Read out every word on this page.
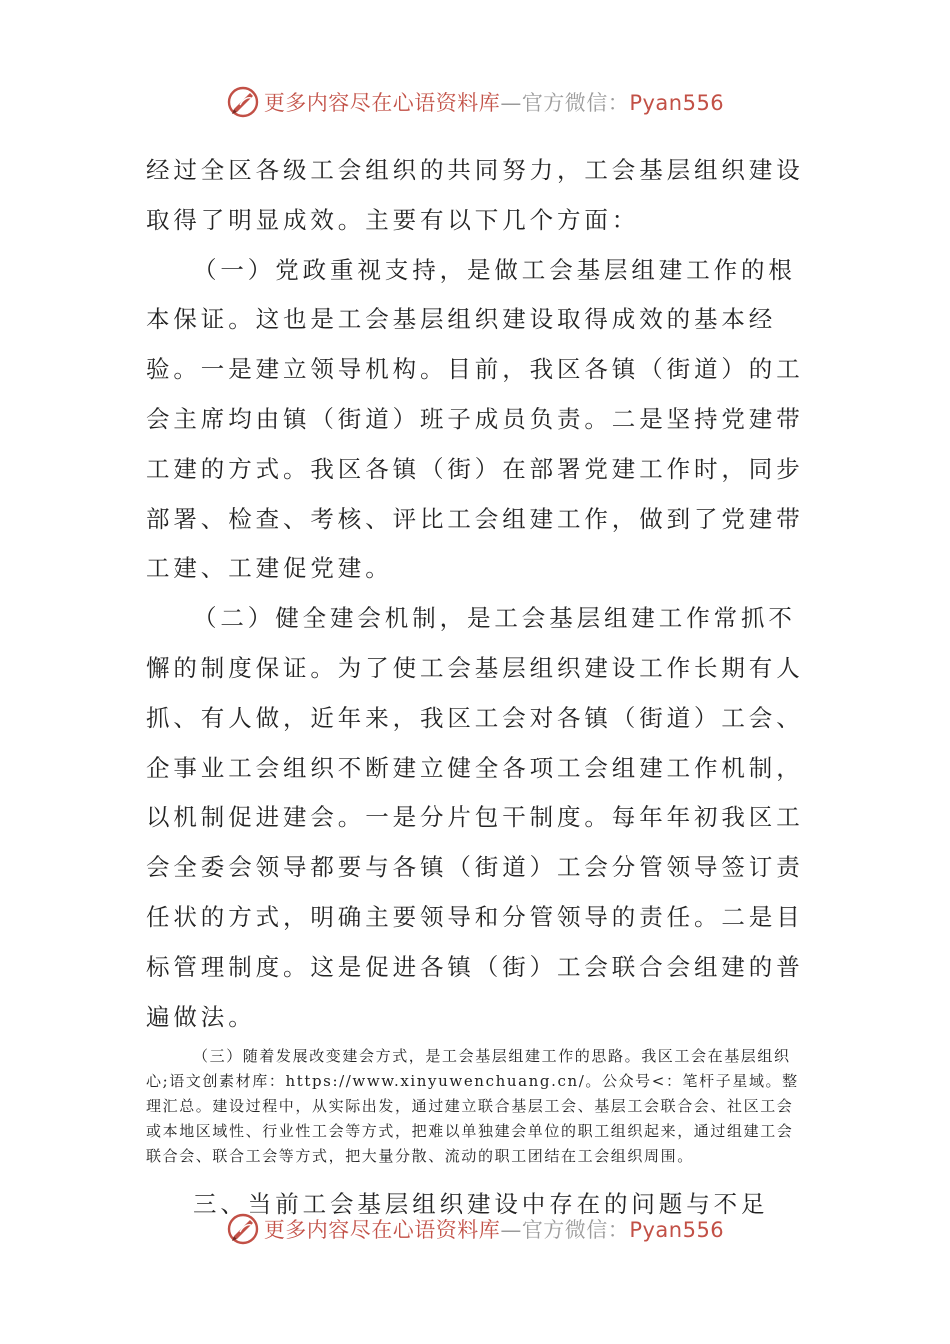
更多内容尽在心语资料库—官方微信：Pyan556

经过全区各级工会组织的共同努力，工会基层组织建设取得了明显成效。主要有以下几个方面：

（一）党政重视支持，是做工会基层组建工作的根本保证。这也是工会基层组织建设取得成效的基本经验。一是建立领导机构。目前，我区各镇（街道）的工会主席均由镇（街道）班子成员负责。二是坚持党建带工建的方式。我区各镇（街）在部署党建工作时，同步部署、检查、考核、评比工会组建工作，做到了党建带工建、工建促党建。

（二）健全建会机制，是工会基层组建工作常抓不懈的制度保证。为了使工会基层组织建设工作长期有人抓、有人做，近年来，我区工会对各镇（街道）工会、企事业工会组织不断建立健全各项工会组建工作机制，以机制促进建会。一是分片包干制度。每年年初我区工会全委会领导都要与各镇（街道）工会分管领导签订责任状的方式，明确主要领导和分管领导的责任。二是目标管理制度。这是促进各镇（街）工会联合会组建的普遍做法。

（三）随着发展改变建会方式，是工会基层组建工作的思路。我区工会在基层组织心;语文创素材库：https://www.xinyuwenchuang.cn/。公众号<：笔杆子星域。整理汇总。建设过程中，从实际出发，通过建立联合基层工会、基层工会联合会、社区工会或本地区域性、行业性工会等方式，把难以单独建会单位的职工组织起来，通过组建工会联合会、联合工会等方式，把大量分散、流动的职工团结在工会组织周围。

三、当前工会基层组织建设中存在的问题与不足

更多内容尽在心语资料库—官方微信：Pyan556
